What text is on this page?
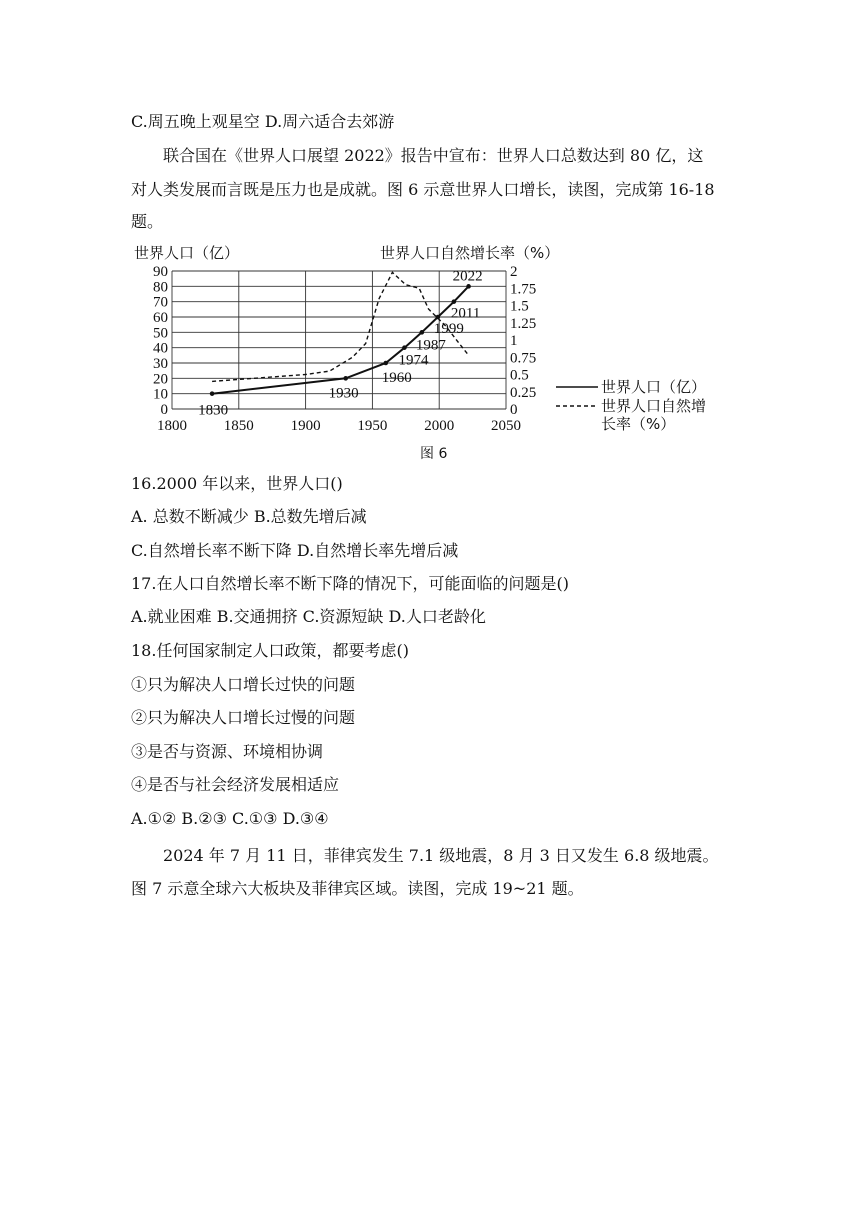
C.周五晚上观星空 D.周六适合去郊游
联合国在《世界人口展望 2022》报告中宣布：世界人口总数达到 80 亿，这
对人类发展而言既是压力也是成就。图 6 示意世界人口增长，读图，完成第 16-18
题。
世界人口（亿）	世界人口自然增长率（%）
0
10
20
30
40
50
60
70
80
90
0
0.25
0.5
0.75
1
1.25
1.5
1.75
2
1800 1850 1900 1950 2000 2050
1830
1930
1960
1974
1987
1999
2011
2022
世界人口（亿）
世界人口自然增
长率（%）
图 6
16.2000 年以来，世界人口()
A. 总数不断减少 B.总数先增后减
C.自然增长率不断下降 D.自然增长率先增后减
17.在人口自然增长率不断下降的情况下，可能面临的问题是()
A.就业困难 B.交通拥挤 C.资源短缺 D.人口老龄化
18.任何国家制定人口政策，都要考虑()
①只为解决人口增长过快的问题
②只为解决人口增长过慢的问题
③是否与资源、环境相协调
④是否与社会经济发展相适应
A.①② B.②③ C.①③ D.③④
2024 年 7 月 11 日，菲律宾发生 7.1 级地震，8 月 3 日又发生 6.8 级地震。
图 7 示意全球六大板块及菲律宾区域。读图，完成 19~21 题。
